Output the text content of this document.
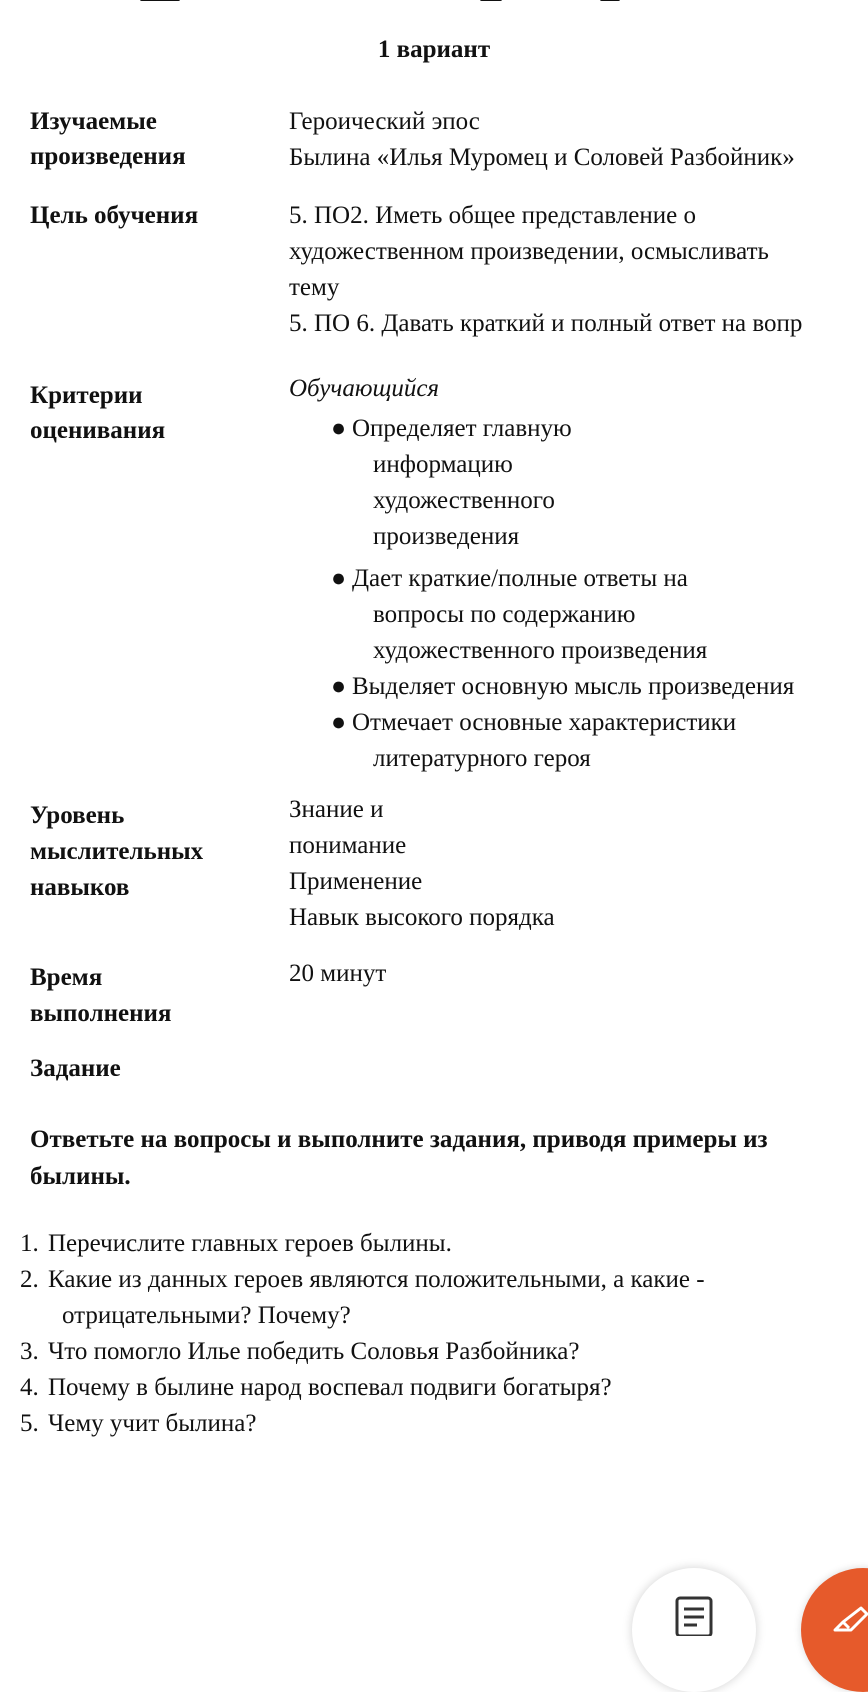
1 вариант
Изучаемые
произведения
Героический эпос
Былина «Илья Муромец и Соловей Разбойник»
Цель обучения	5. ПО2. Иметь общее представление о
художественном произведении, осмысливать
тему
5. ПО 6. Давать краткий и полный ответ на вопр
Критерии
оценивания
Обучающийся
● Определяет главную
информацию
художественного
произведения
● Дает краткие/полные ответы на
вопросы по содержанию
художественного произведения
● Выделяет основную мысль произведения
● Отмечает основные характеристики
литературного героя
Уровень
мыслительных
навыков
Знание и
понимание
Применение
Навык высокого порядка
Время
выполнения
20 минут
Задание
Ответьте на вопросы и выполните задания, приводя примеры из
былины.
1. Перечислите главных героев былины.
2. Какие из данных героев являются положительными, а какие -
отрицательными? Почему?
3. Что помогло Илье победить Соловья Разбойника?
4. Почему в былине народ воспевал подвиги богатыря?
5. Чему учит былина?
